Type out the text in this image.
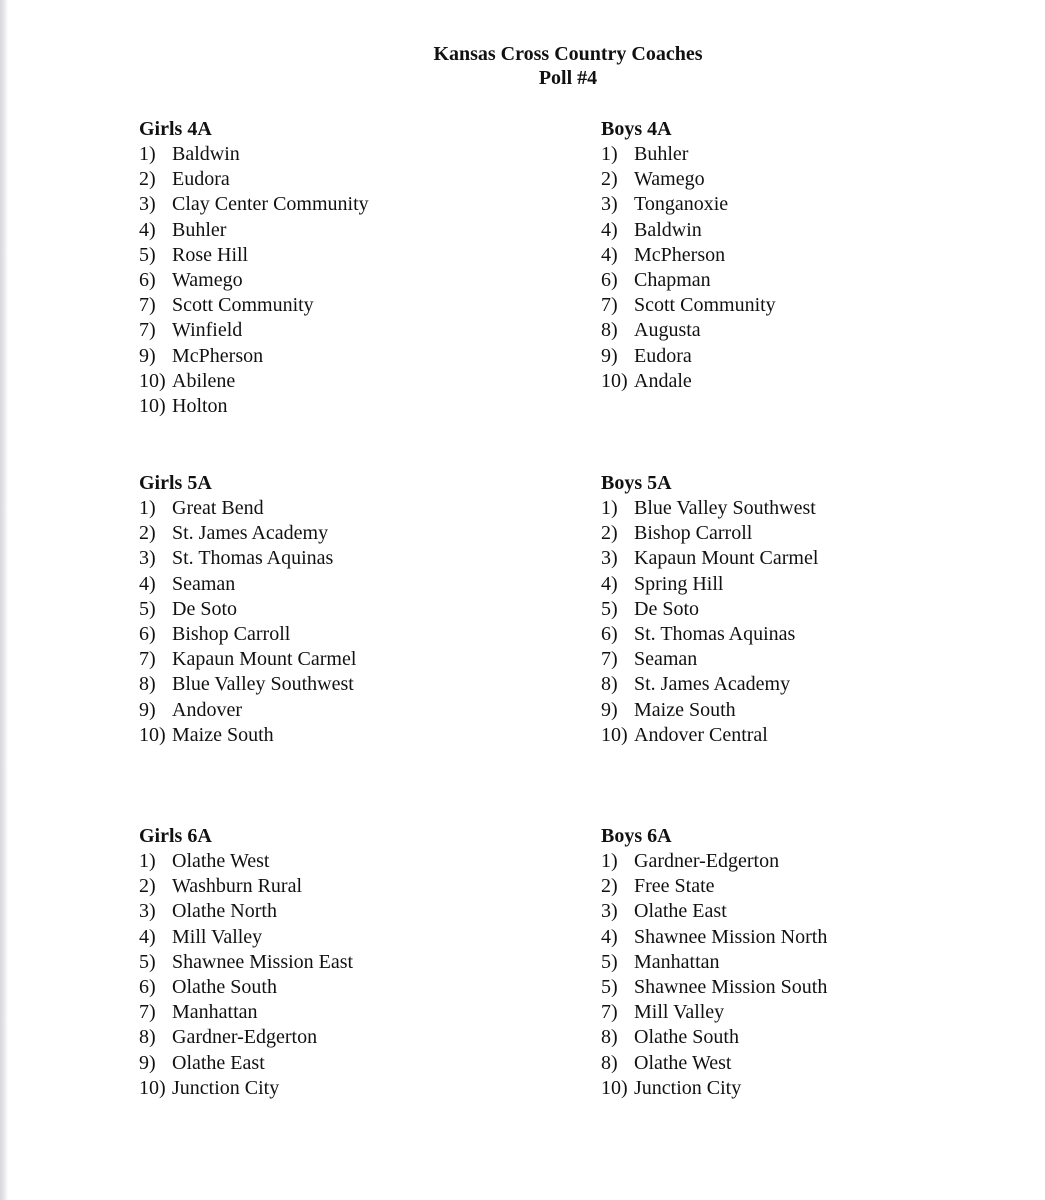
Kansas Cross Country Coaches
Poll #4
Girls 4A
1) Baldwin
2) Eudora
3) Clay Center Community
4) Buhler
5) Rose Hill
6) Wamego
7) Scott Community
7) Winfield
9) McPherson
10) Abilene
10) Holton
Boys 4A
1) Buhler
2) Wamego
3) Tonganoxie
4) Baldwin
4) McPherson
6) Chapman
7) Scott Community
8) Augusta
9) Eudora
10) Andale
Girls 5A
1) Great Bend
2) St. James Academy
3) St. Thomas Aquinas
4) Seaman
5) De Soto
6) Bishop Carroll
7) Kapaun Mount Carmel
8) Blue Valley Southwest
9) Andover
10) Maize South
Boys 5A
1) Blue Valley Southwest
2) Bishop Carroll
3) Kapaun Mount Carmel
4) Spring Hill
5) De Soto
6) St. Thomas Aquinas
7) Seaman
8) St. James Academy
9) Maize South
10) Andover Central
Girls 6A
1) Olathe West
2) Washburn Rural
3) Olathe North
4) Mill Valley
5) Shawnee Mission East
6) Olathe South
7) Manhattan
8) Gardner-Edgerton
9) Olathe East
10) Junction City
Boys 6A
1) Gardner-Edgerton
2) Free State
3) Olathe East
4) Shawnee Mission North
5) Manhattan
5) Shawnee Mission South
7) Mill Valley
8) Olathe South
8) Olathe West
10) Junction City
